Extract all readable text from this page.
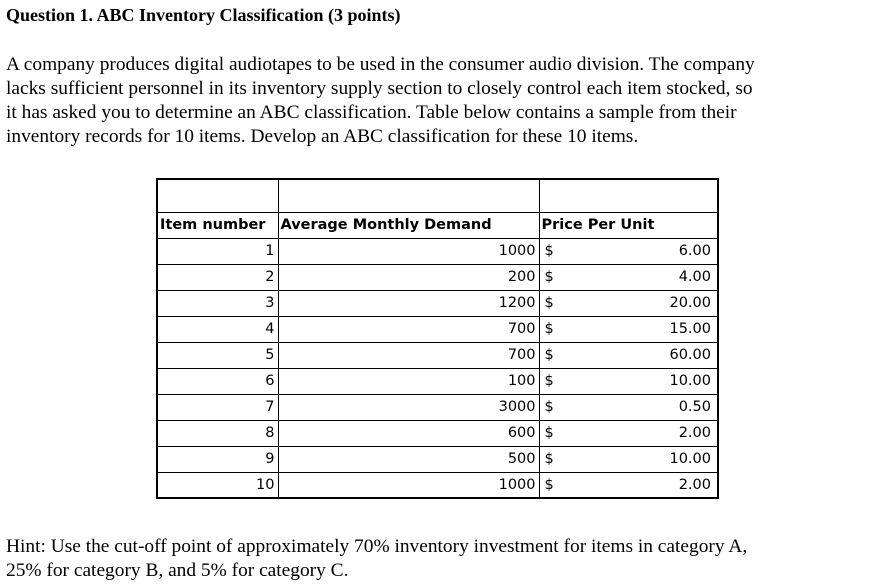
Question 1. ABC Inventory Classification (3 points)
A company produces digital audiotapes to be used in the consumer audio division. The company
lacks sufficient personnel in its inventory supply section to closely control each item stocked, so
it has asked you to determine an ABC classification. Table below contains a sample from their
inventory records for 10 items. Develop an ABC classification for these 10 items.

Item number	Average Monthly Demand	Price Per Unit	
1	1000	$	6.00
2	200	$	4.00
3	1200	$	20.00
4	700	$	15.00
5	700	$	60.00
6	100	$	10.00
7	3000	$	0.50
8	600	$	2.00
9	500	$	10.00
10	1000	$	2.00
Hint: Use the cut-off point of approximately 70% inventory investment for items in category A,
25% for category B, and 5% for category C.
